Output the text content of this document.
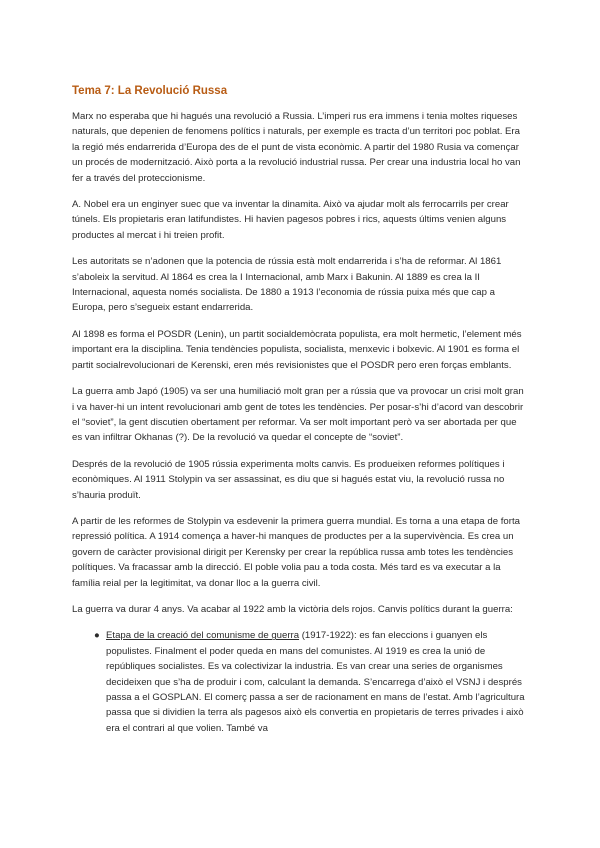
Tema 7: La Revolució Russa

Marx no esperaba que hi hagués una revolució a Russia. L’imperi rus era immens i tenia moltes riqueses naturals, que depenien de fenomens polítics i naturals, per exemple es tracta d’un territori poc poblat. Era la regió més endarrerida d’Europa des de el punt de vista econòmic. A partir del 1980 Rusia va començar un procés de modernització. Això porta a la revolució industrial russa. Per crear una industria local ho van fer a través del proteccionisme.

A. Nobel era un enginyer suec que va inventar la dinamita. Això va ajudar molt als ferrocarrils per crear túnels. Els propietaris eran latifundistes. Hi havien pagesos pobres i rics, aquests últims venien alguns productes al mercat i hi treien profit.

Les autoritats se n’adonen que la potencia de rússia està molt endarrerida i s’ha de reformar. Al 1861 s’aboleix la servitud. Al 1864 es crea la I Internacional, amb Marx i Bakunin. Al 1889 es crea la II Internacional, aquesta només socialista. De 1880 a 1913 l’economia de rússia puixa més que cap a Europa, pero s’segueix estant endarrerida.

Al 1898 es forma el POSDR (Lenin), un partit socialdemòcrata populista, era molt hermetic, l’element més important era la disciplina. Tenia tendències populista, socialista, menxevic i bolxevic. Al 1901 es forma el partit socialrevolucionari de Kerenski, eren més revisionistes que el POSDR pero eren forças emblants.

La guerra amb Japó (1905) va ser una humiliació molt gran per a rússia que va provocar un crisi molt gran i va haver-hi un intent revolucionari amb gent de totes les tendències. Per posar-s’hi d’acord van descobrir el “soviet”, la gent discutien obertament per reformar. Va ser molt important però va ser abortada per que es van infiltrar Okhanas (?). De la revolució va quedar el concepte de “soviet”.

Després de la revolució de 1905 rússia experimenta molts canvis. Es produeixen reformes polítiques i econòmiques. Al 1911 Stolypin va ser assassinat, es diu que si hagués estat viu, la revolució russa no s’hauria produït.

A partir de les reformes de Stolypin va esdevenir la primera guerra mundial. Es torna a una etapa de forta repressió política. A 1914 comença a haver-hi manques de productes per a la supervivència. Es crea un govern de caràcter provisional dirigit per Kerensky per crear la república russa amb totes les tendències polítiques. Va fracassar amb la direcció. El poble volia pau a toda costa. Més tard es va executar a la família reial per la legitimitat, va donar lloc a la guerra civil.

La guerra va durar 4 anys. Va acabar al 1922 amb la victòria dels rojos. Canvis polítics durant la guerra:

● Etapa de la creació del comunisme de guerra (1917-1922): es fan eleccions i guanyen els populistes. Finalment el poder queda en mans del comunistes. Al 1919 es crea la unió de repúbliques socialistes. Es va colectivizar la industria. Es van crear una series de organismes decideixen que s’ha de produir i com, calculant la demanda. S’encarrega d’això el VSNJ i després passa a el GOSPLAN. El comerç passa a ser de racionament en mans de l’estat. Amb l’agricultura passa que si dividien la terra als pagesos això els convertia en propietaris de terres privades i això era el contrari al que volien. També va
